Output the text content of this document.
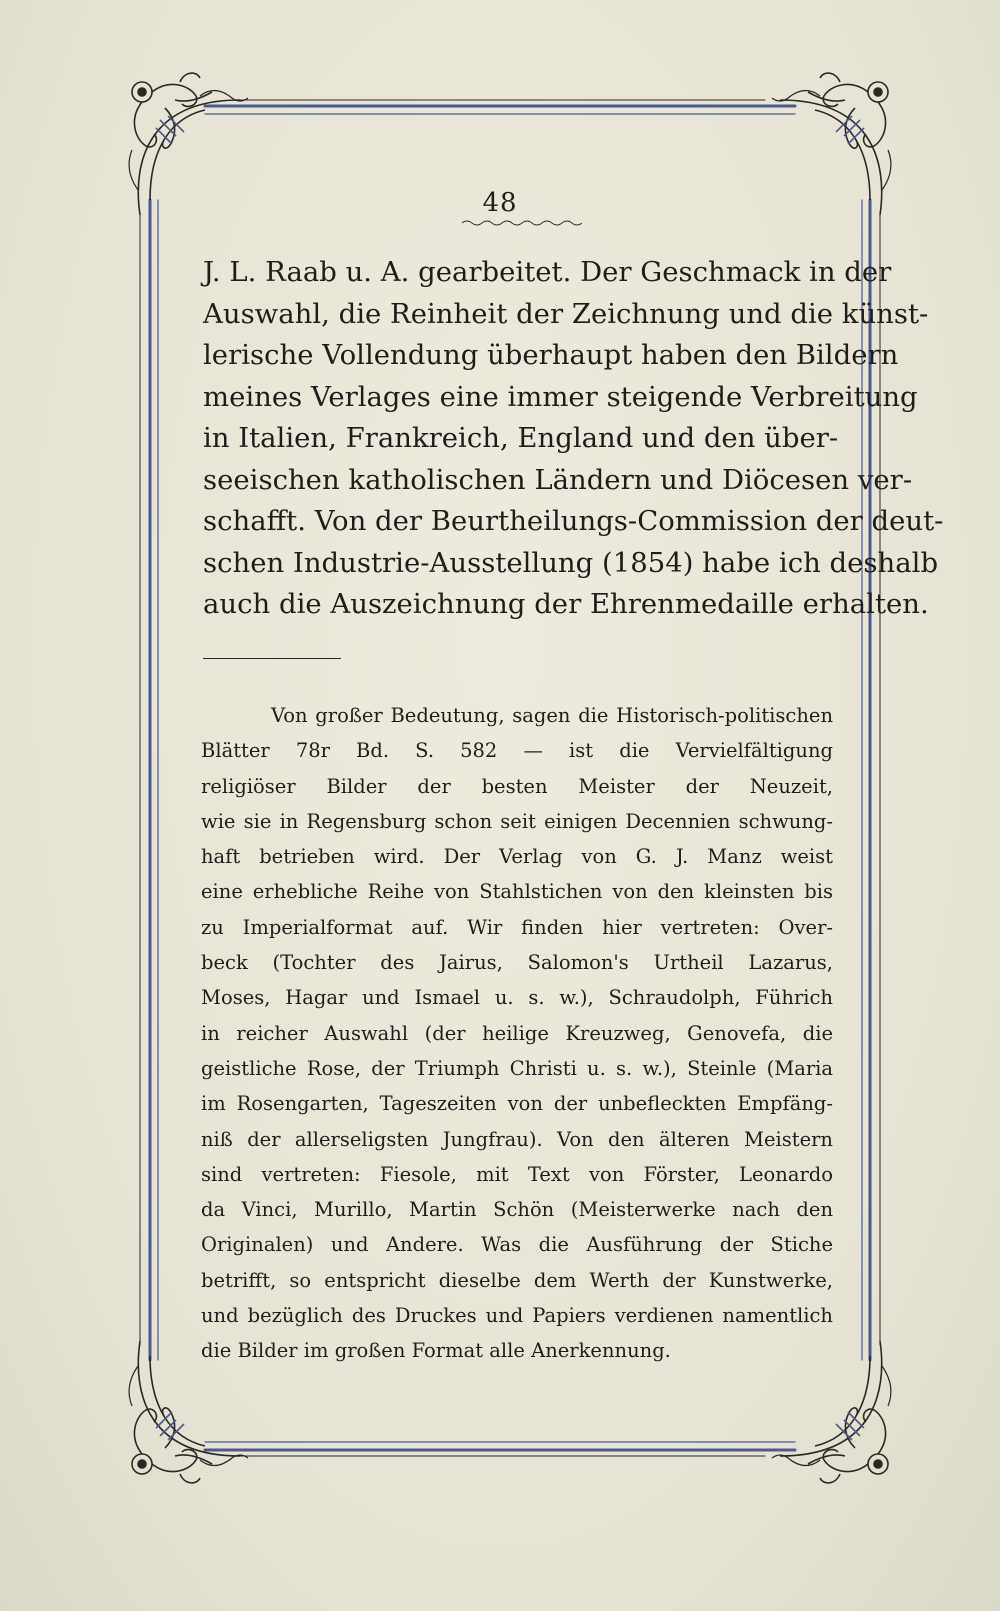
48
J. L. Raab u. A. gearbeitet. Der Geschmack in der
Auswahl, die Reinheit der Zeichnung und die künst-
lerische Vollendung überhaupt haben den Bildern
meines Verlages eine immer steigende Verbreitung
in Italien, Frankreich, England und den über-
seeischen katholischen Ländern und Diöcesen ver-
schafft. Von der Beurtheilungs-Commission der deut-
schen Industrie-Ausstellung (1854) habe ich deshalb
auch die Auszeichnung der Ehrenmedaille erhalten.
Von großer Bedeutung, sagen die Historisch-politischen
Blätter 78r Bd. S. 582 — ist die Vervielfältigung
religiöser Bilder der besten Meister der Neuzeit,
wie sie in Regensburg schon seit einigen Decennien schwung-
haft betrieben wird. Der Verlag von G. J. Manz weist
eine erhebliche Reihe von Stahlstichen von den kleinsten bis
zu Imperialformat auf. Wir finden hier vertreten: Over-
beck (Tochter des Jairus, Salomon's Urtheil Lazarus,
Moses, Hagar und Ismael u. s. w.), Schraudolph, Führich
in reicher Auswahl (der heilige Kreuzweg, Genovefa, die
geistliche Rose, der Triumph Christi u. s. w.), Steinle (Maria
im Rosengarten, Tageszeiten von der unbefleckten Empfäng-
niß der allerseligsten Jungfrau). Von den älteren Meistern
sind vertreten: Fiesole, mit Text von Förster, Leonardo
da Vinci, Murillo, Martin Schön (Meisterwerke nach den
Originalen) und Andere. Was die Ausführung der Stiche
betrifft, so entspricht dieselbe dem Werth der Kunstwerke,
und bezüglich des Druckes und Papiers verdienen namentlich
die Bilder im großen Format alle Anerkennung.
